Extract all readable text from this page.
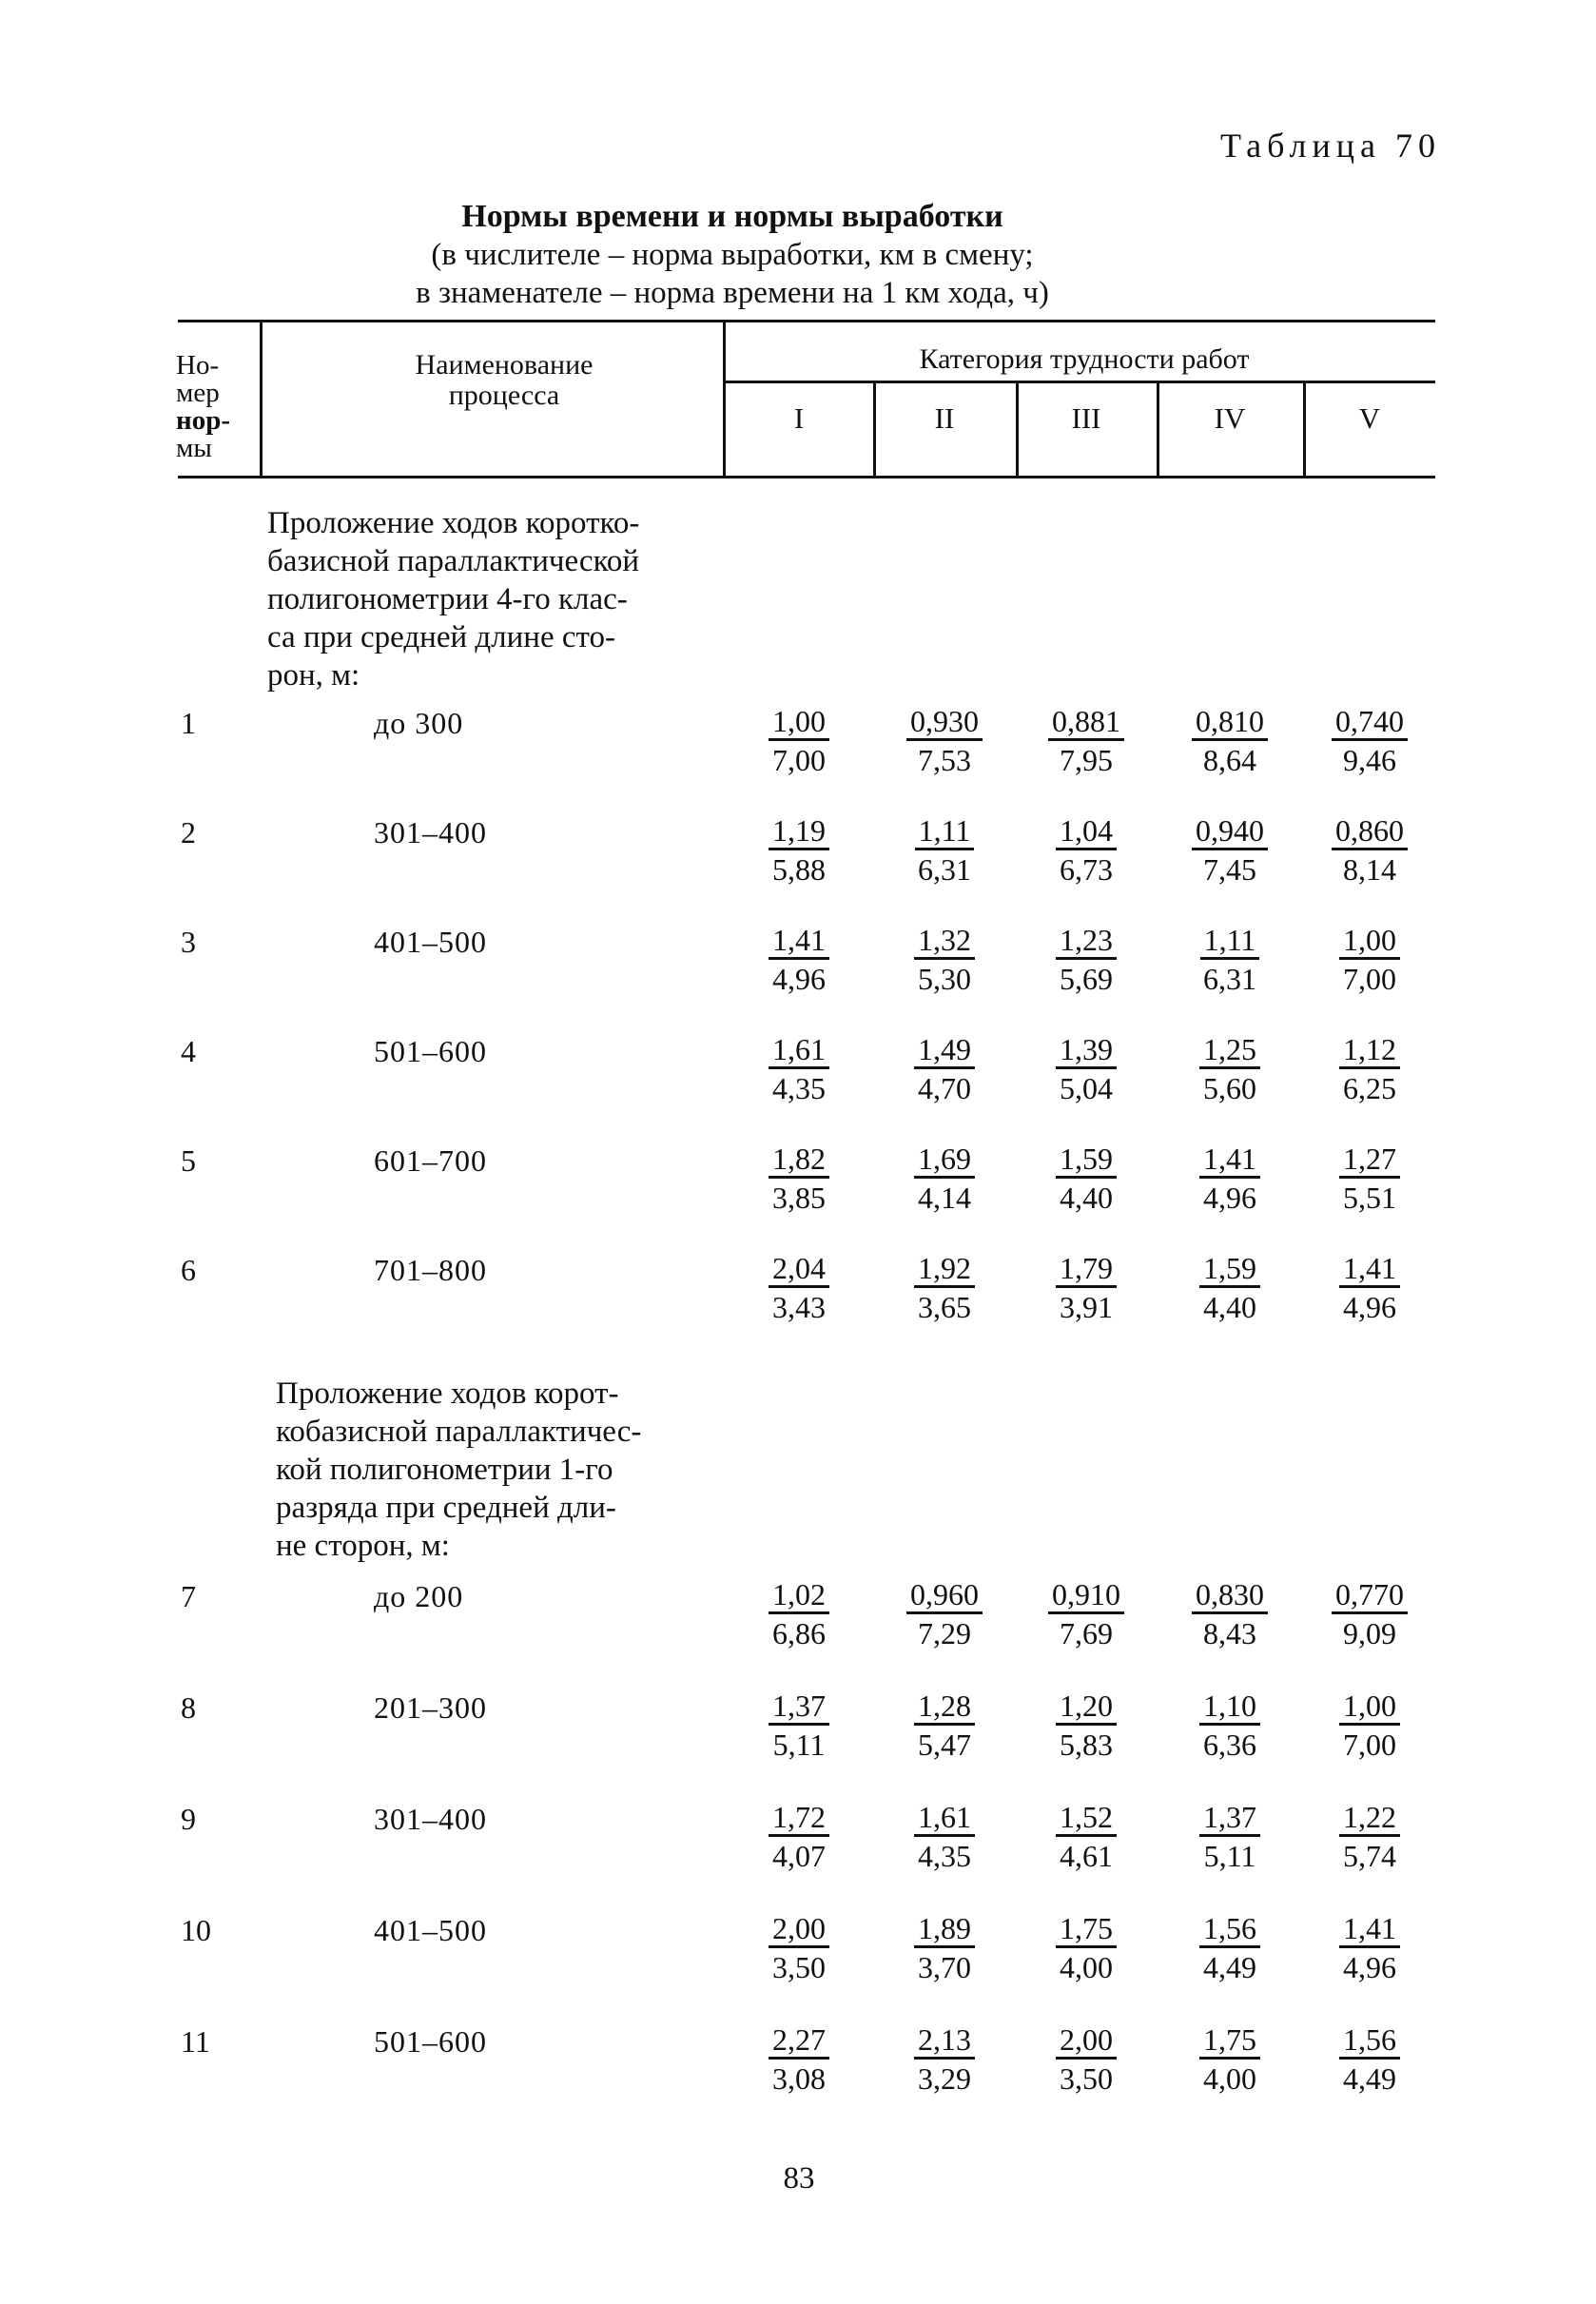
Таблица 70
Нормы времени и нормы выработки
(в числителе – норма выработки, км в смену;
в знаменателе – норма времени на 1 км хода, ч)
Но-
мер
нор-
мы
Наименование
процесса
Категория трудности работ
I	II	III	IV	V
Проложение ходов коротко-
базисной параллактической
полигонометрии 4-го клас-
са при средней длине сто-
рон, м:
1	до 300	$\frac{1,00}{7,00} \frac{0,930}{7,53} \frac{0,881}{7,95} \frac{0,810}{8,64} \frac{0,740}{9,46}$
2	301–400	$\frac{1,19}{5,88} \frac{1,11}{6,31} \frac{1,04}{6,73} \frac{0,940}{7,45} \frac{0,860}{8,14}$
3	401–500	$\frac{1,41}{4,96} \frac{1,32}{5,30} \frac{1,23}{5,69} \frac{1,11}{6,31} \frac{1,00}{7,00}$
4	501–600	$\frac{1,61}{4,35} \frac{1,49}{4,70} \frac{1,39}{5,04} \frac{1,25}{5,60} \frac{1,12}{6,25}$
5	601–700	$\frac{1,82}{3,85} \frac{1,69}{4,14} \frac{1,59}{4,40} \frac{1,41}{4,96} \frac{1,27}{5,51}$
6	701–800	$\frac{2,04}{3,43} \frac{1,92}{3,65} \frac{1,79}{3,91} \frac{1,59}{4,40} \frac{1,41}{4,96}$
Проложение ходов корот-
кобазисной параллактичес-
кой полигонометрии 1-го
разряда при средней дли-
не сторон, м:
7	до 200	$\frac{1,02}{6,86} \frac{0,960}{7,29} \frac{0,910}{7,69} \frac{0,830}{8,43} \frac{0,770}{9,09}$
8	201–300	$\frac{1,37}{5,11} \frac{1,28}{5,47} \frac{1,20}{5,83} \frac{1,10}{6,36} \frac{1,00}{7,00}$
9	301–400	$\frac{1,72}{4,07} \frac{1,61}{4,35} \frac{1,52}{4,61} \frac{1,37}{5,11} \frac{1,22}{5,74}$
10	401–500	$\frac{2,00}{3,50} \frac{1,89}{3,70} \frac{1,75}{4,00} \frac{1,56}{4,49} \frac{1,41}{4,96}$
11	501–600	$\frac{2,27}{3,08} \frac{2,13}{3,29} \frac{2,00}{3,50} \frac{1,75}{4,00} \frac{1,56}{4,49}$
83
